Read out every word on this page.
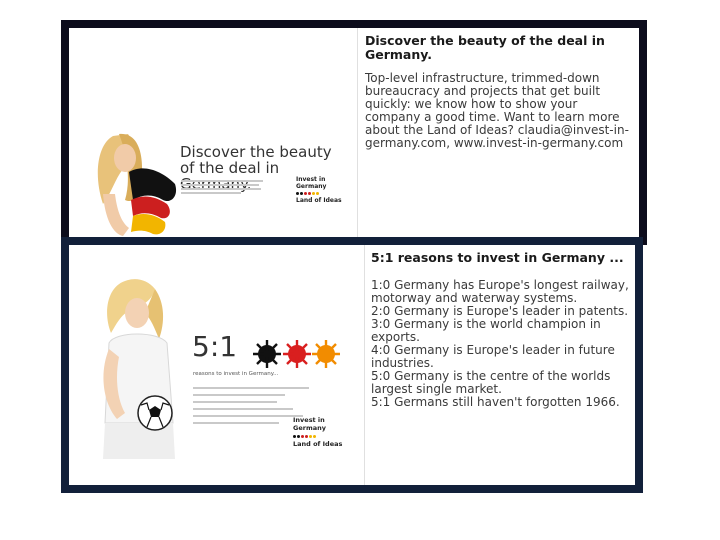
Discover the beauty of the deal in
Invest in
Germany
Land of Ideas

Discover the beauty of the deal in Germany.

Top-level infrastructure, trimmed-down bureaucracy and projects that get built quickly: we know how to show your company a good time. Want to learn more about the Land of Ideas? claudia@invest-in-germany.com, www.invest-in-germany.com

5:1
reasons to invest in Germany...
Invest in
Germany
Land of Ideas

5:1 reasons to invest in Germany ...

1:0 Germany has Europe's longest railway, motorway and waterway systems.

2:0 Germany is Europe's leader in patents.

3:0 Germany is the world champion in exports.

4:0 Germany is Europe's leader in future industries.

5:0 Germany is the centre of the worlds largest single market.

5:1 Germans still haven't forgotten 1966.
